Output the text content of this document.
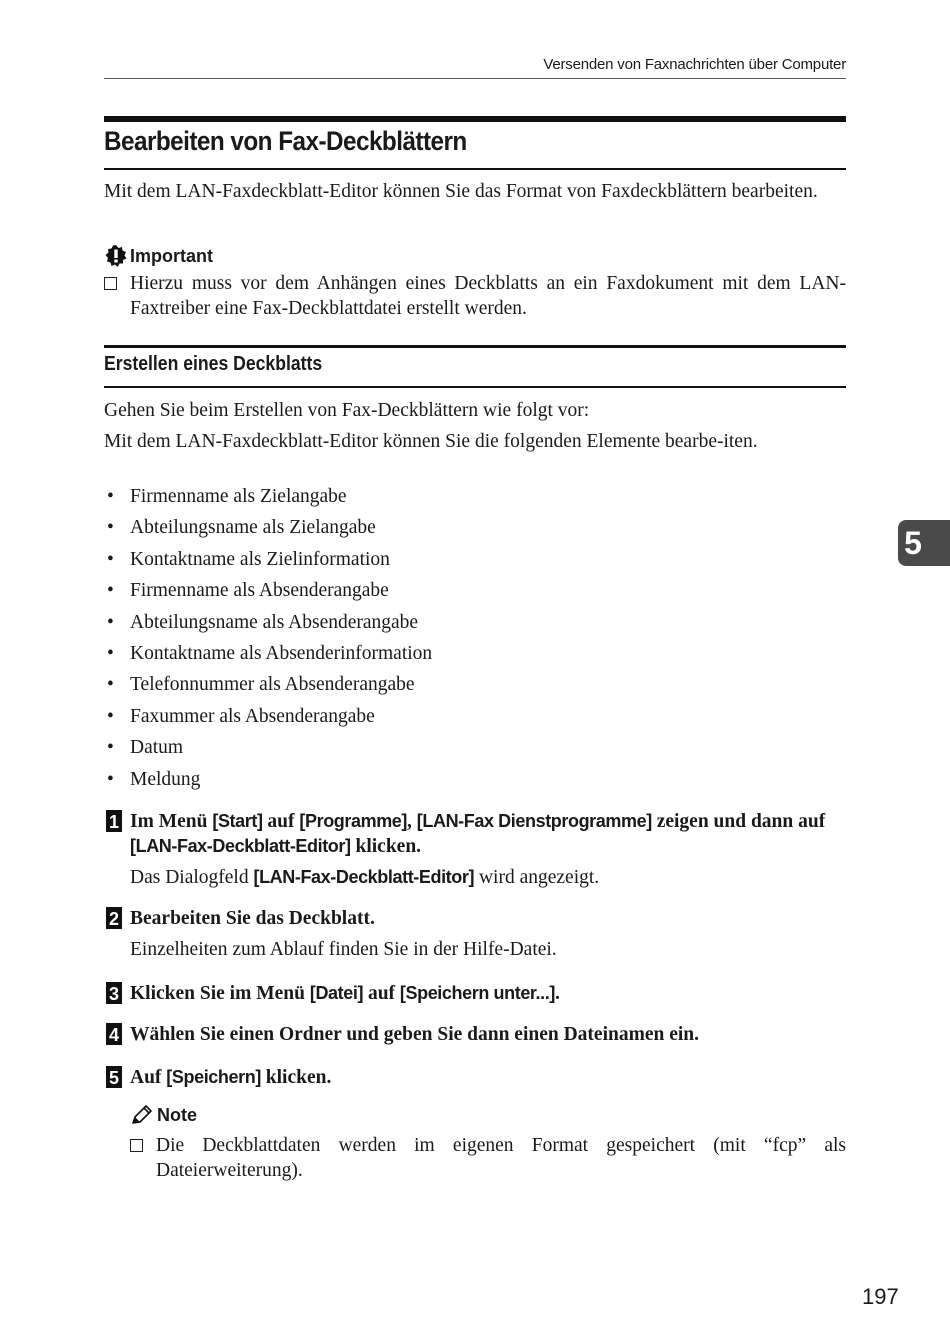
Versenden von Faxnachrichten über Computer
Bearbeiten von Fax-Deckblättern

Mit dem LAN-Faxdeckblatt-Editor können Sie das Format von Faxdeckblättern bearbeiten.

Important
Hierzu muss vor dem Anhängen eines Deckblatts an ein Faxdokument mit dem LAN-Faxtreiber eine Fax-Deckblattdatei erstellt werden.
Erstellen eines Deckblatts

Gehen Sie beim Erstellen von Fax-Deckblättern wie folgt vor:

Mit dem LAN-Faxdeckblatt-Editor können Sie die folgenden Elemente bearbe-iten.

• Firmenname als Zielangabe
• Abteilungsname als Zielangabe
• Kontaktname als Zielinformation
• Firmenname als Absenderangabe
• Abteilungsname als Absenderangabe
• Kontaktname als Absenderinformation
• Telefonnummer als Absenderangabe
• Faxummer als Absenderangabe
• Datum
• Meldung
1 Im Menü [Start] auf [Programme], [LAN-Fax Dienstprogramme] zeigen und dann auf [LAN-Fax-Deckblatt-Editor] klicken.

Das Dialogfeld [LAN-Fax-Deckblatt-Editor] wird angezeigt.

2 Bearbeiten Sie das Deckblatt.

Einzelheiten zum Ablauf finden Sie in der Hilfe-Datei.

3 Klicken Sie im Menü [Datei] auf [Speichern unter...].

4 Wählen Sie einen Ordner und geben Sie dann einen Dateinamen ein.

5 Auf [Speichern] klicken.

Note
Die Deckblattdaten werden im eigenen Format gespeichert (mit “fcp” als Dateierweiterung).
5
197
